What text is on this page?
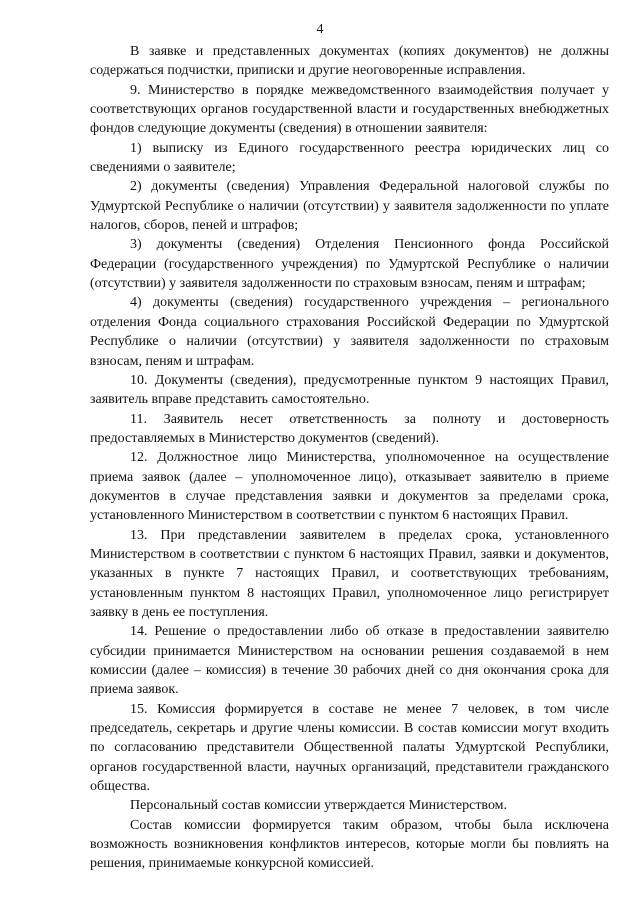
4

В заявке и представленных документах (копиях документов) не должны содержаться подчистки, приписки и другие неоговоренные исправления.

9. Министерство в порядке межведомственного взаимодействия получает у соответствующих органов государственной власти и государственных внебюджетных фондов следующие документы (сведения) в отношении заявителя:

1) выписку из Единого государственного реестра юридических лиц со сведениями о заявителе;

2) документы (сведения) Управления Федеральной налоговой службы по Удмуртской Республике о наличии (отсутствии) у заявителя задолженности по уплате налогов, сборов, пеней и штрафов;

3) документы (сведения) Отделения Пенсионного фонда Российской Федерации (государственного учреждения) по Удмуртской Республике о наличии (отсутствии) у заявителя задолженности по страховым взносам, пеням и штрафам;

4) документы (сведения) государственного учреждения – регионального отделения Фонда социального страхования Российской Федерации по Удмуртской Республике о наличии (отсутствии) у заявителя задолженности по страховым взносам, пеням и штрафам.

10. Документы (сведения), предусмотренные пунктом 9 настоящих Правил, заявитель вправе представить самостоятельно.

11. Заявитель несет ответственность за полноту и достоверность предоставляемых в Министерство документов (сведений).

12. Должностное лицо Министерства, уполномоченное на осуществление приема заявок (далее – уполномоченное лицо), отказывает заявителю в приеме документов в случае представления заявки и документов за пределами срока, установленного Министерством в соответствии с пунктом 6 настоящих Правил.

13. При представлении заявителем в пределах срока, установленного Министерством в соответствии с пунктом 6 настоящих Правил, заявки и документов, указанных в пункте 7 настоящих Правил, и соответствующих требованиям, установленным пунктом 8 настоящих Правил, уполномоченное лицо регистрирует заявку в день ее поступления.

14. Решение о предоставлении либо об отказе в предоставлении заявителю субсидии принимается Министерством на основании решения создаваемой в нем комиссии (далее – комиссия) в течение 30 рабочих дней со дня окончания срока для приема заявок.

15. Комиссия формируется в составе не менее 7 человек, в том числе председатель, секретарь и другие члены комиссии. В состав комиссии могут входить по согласованию представители Общественной палаты Удмуртской Республики, органов государственной власти, научных организаций, представители гражданского общества.

Персональный состав комиссии утверждается Министерством.

Состав комиссии формируется таким образом, чтобы была исключена возможность возникновения конфликтов интересов, которые могли бы повлиять на решения, принимаемые конкурсной комиссией.
